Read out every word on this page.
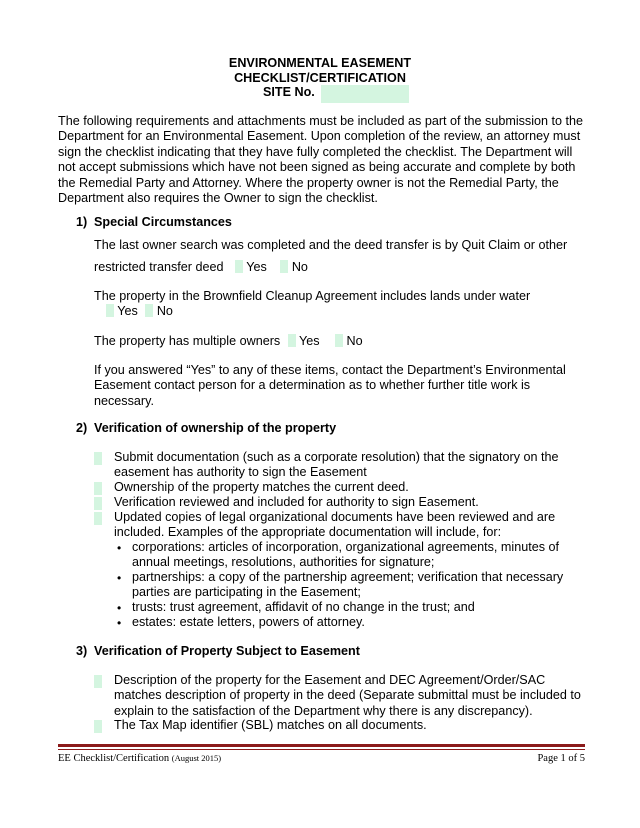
ENVIRONMENTAL EASEMENT
CHECKLIST/CERTIFICATION
SITE No.
The following requirements and attachments must be included as part of the submission to the
Department for an Environmental Easement. Upon completion of the review, an attorney must
sign the checklist indicating that they have fully completed the checklist. The Department will
not accept submissions which have not been signed as being accurate and complete by both
the Remedial Party and Attorney. Where the property owner is not the Remedial Party, the
Department also requires the Owner to sign the checklist.
1) Special Circumstances
The last owner search was completed and the deed transfer is by Quit Claim or other
restricted transfer deed Yes No
The property in the Brownfield Cleanup Agreement includes lands under water
Yes No
The property has multiple owners Yes No
If you answered “Yes” to any of these items, contact the Department’s Environmental
Easement contact person for a determination as to whether further title work is
necessary.
2) Verification of ownership of the property
Submit documentation (such as a corporate resolution) that the signatory on the
easement has authority to sign the Easement
Ownership of the property matches the current deed.
Verification reviewed and included for authority to sign Easement.
Updated copies of legal organizational documents have been reviewed and are
included. Examples of the appropriate documentation will include, for:
• corporations: articles of incorporation, organizational agreements, minutes of
annual meetings, resolutions, authorities for signature;
• partnerships: a copy of the partnership agreement; verification that necessary
parties are participating in the Easement;
• trusts: trust agreement, affidavit of no change in the trust; and
• estates: estate letters, powers of attorney.
3) Verification of Property Subject to Easement
Description of the property for the Easement and DEC Agreement/Order/SAC
matches description of property in the deed (Separate submittal must be included to
explain to the satisfaction of the Department why there is any discrepancy).
The Tax Map identifier (SBL) matches on all documents.
EE Checklist/Certification (August 2015)	Page 1 of 5
